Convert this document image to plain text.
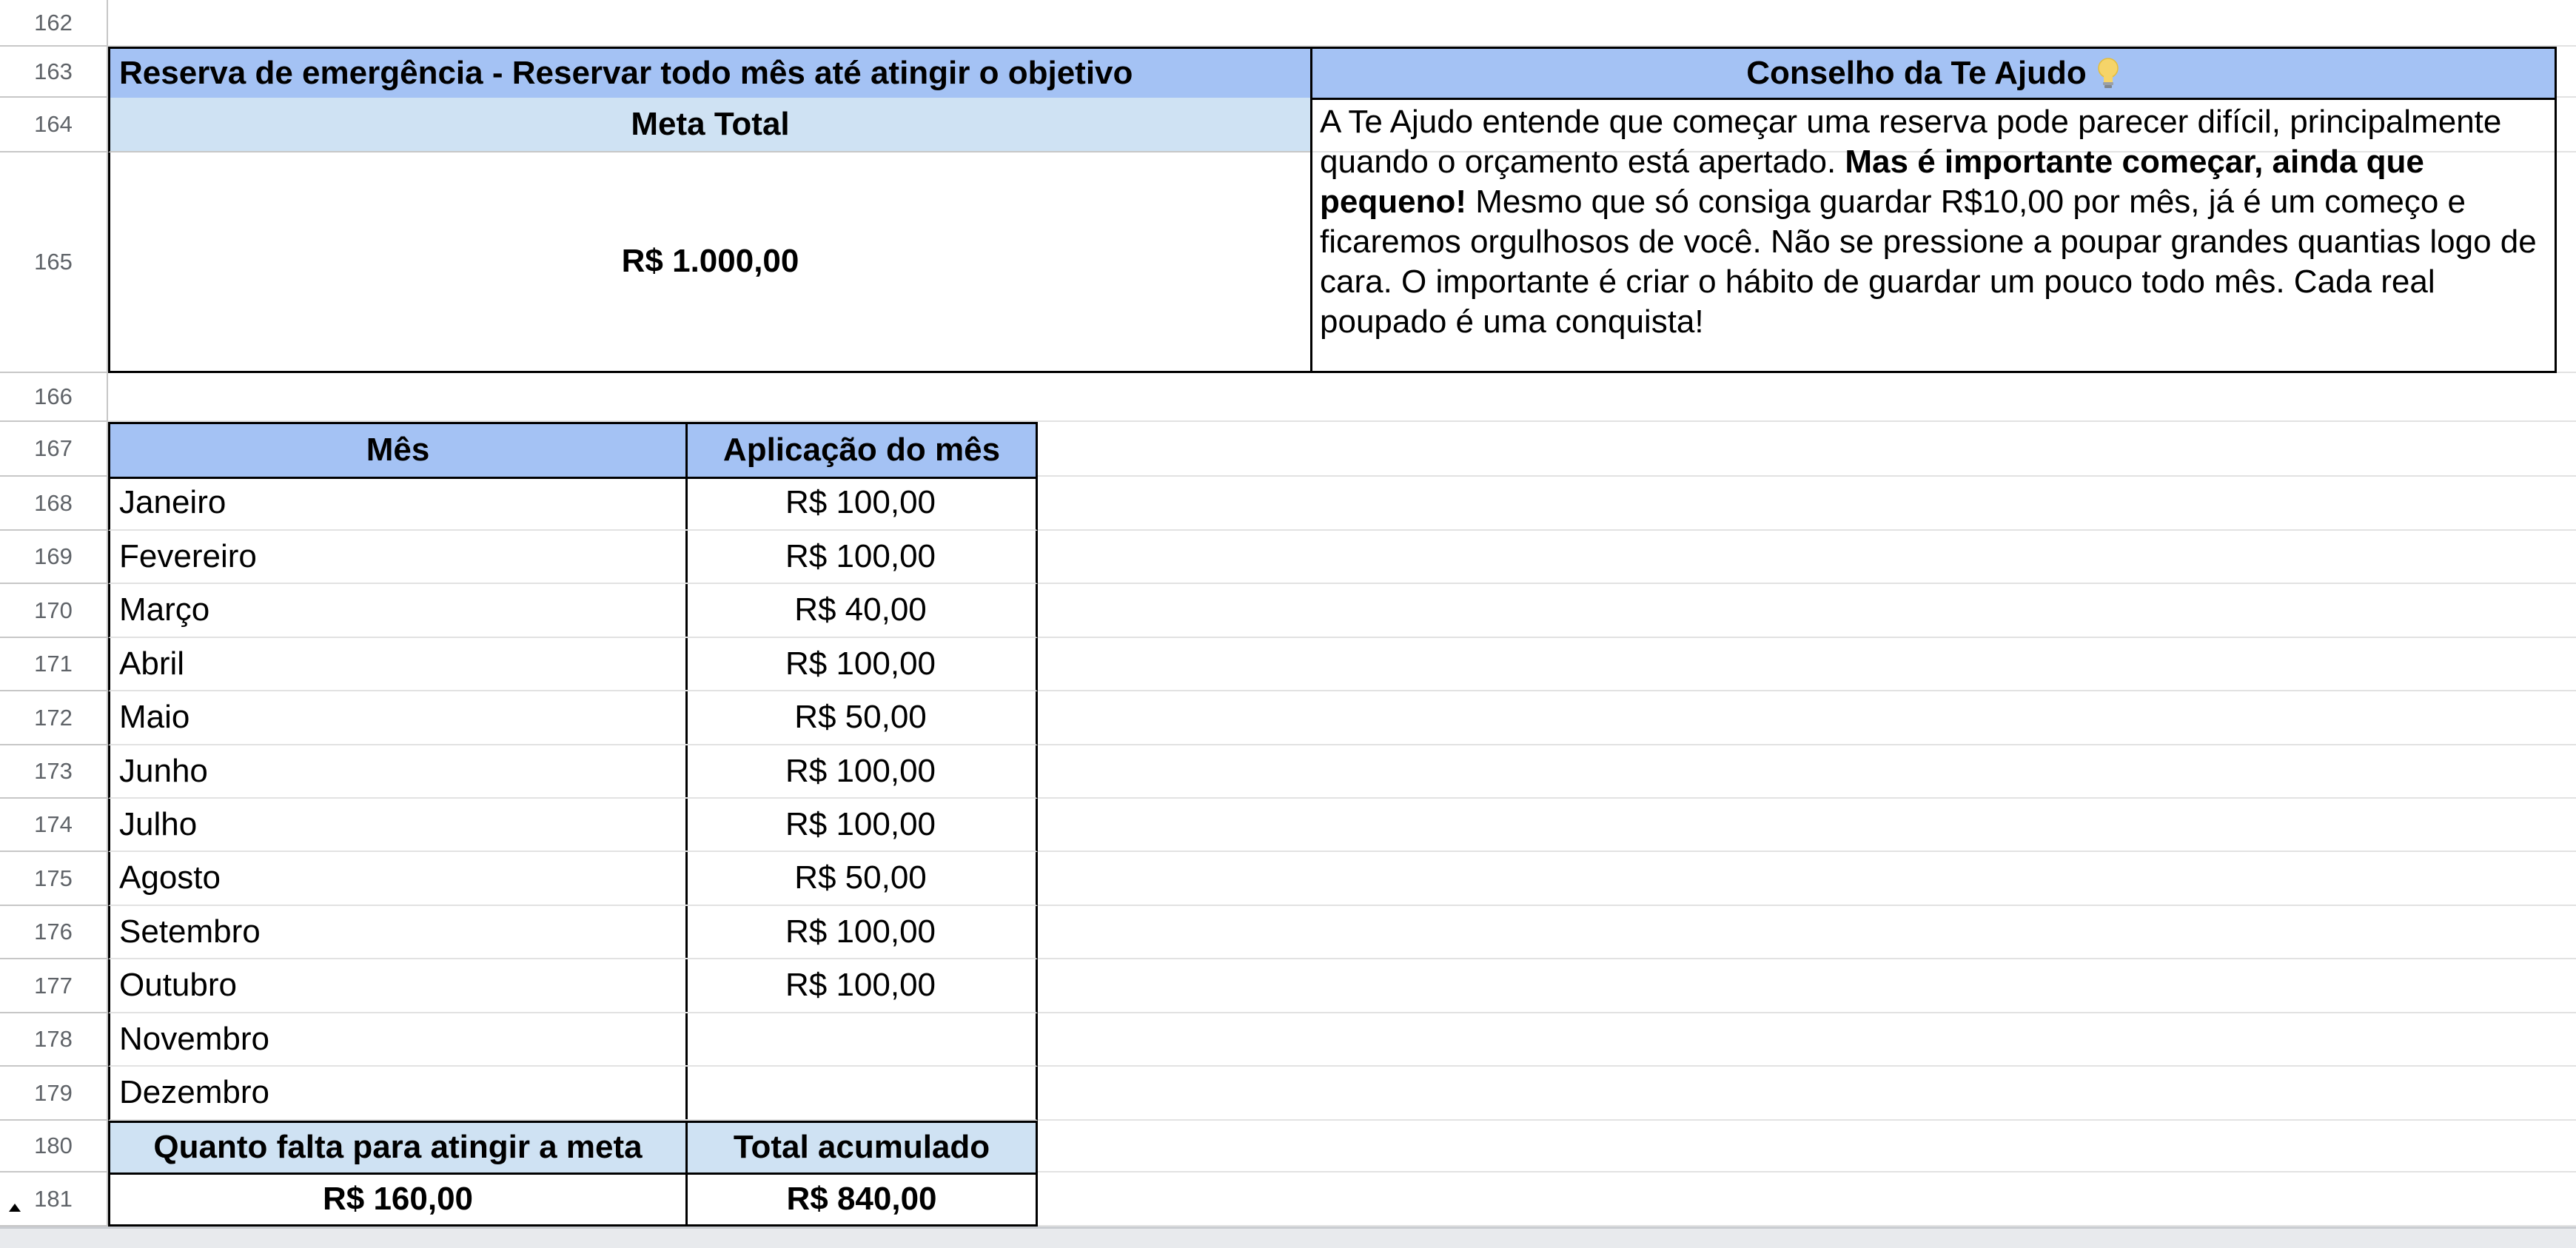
162
163
164
165
166
167
168
169
170
171
172
173
174
175
176
177
178
179
180
181
Reserva de emergência - Reservar todo mês até atingir o objetivo
Meta Total
R$ 1.000,00
Conselho da Te Ajudo
A Te Ajudo entende que começar uma reserva pode parecer difícil, principalmente quando o orçamento está apertado. Mas é importante começar, ainda que pequeno! Mesmo que só consiga guardar R$10,00 por mês, já é um começo e ficaremos orgulhosos de você. Não se pressione a poupar grandes quantias logo de cara. O importante é criar o hábito de guardar um pouco todo mês. Cada real poupado é uma conquista!
Mês	Aplicação do mês
Janeiro	R$ 100,00
Fevereiro	R$ 100,00
Março	R$ 40,00
Abril	R$ 100,00
Maio	R$ 50,00
Junho	R$ 100,00
Julho	R$ 100,00
Agosto	R$ 50,00
Setembro	R$ 100,00
Outubro	R$ 100,00
Novembro
Dezembro
Quanto falta para atingir a meta	Total acumulado
R$ 160,00	R$ 840,00
